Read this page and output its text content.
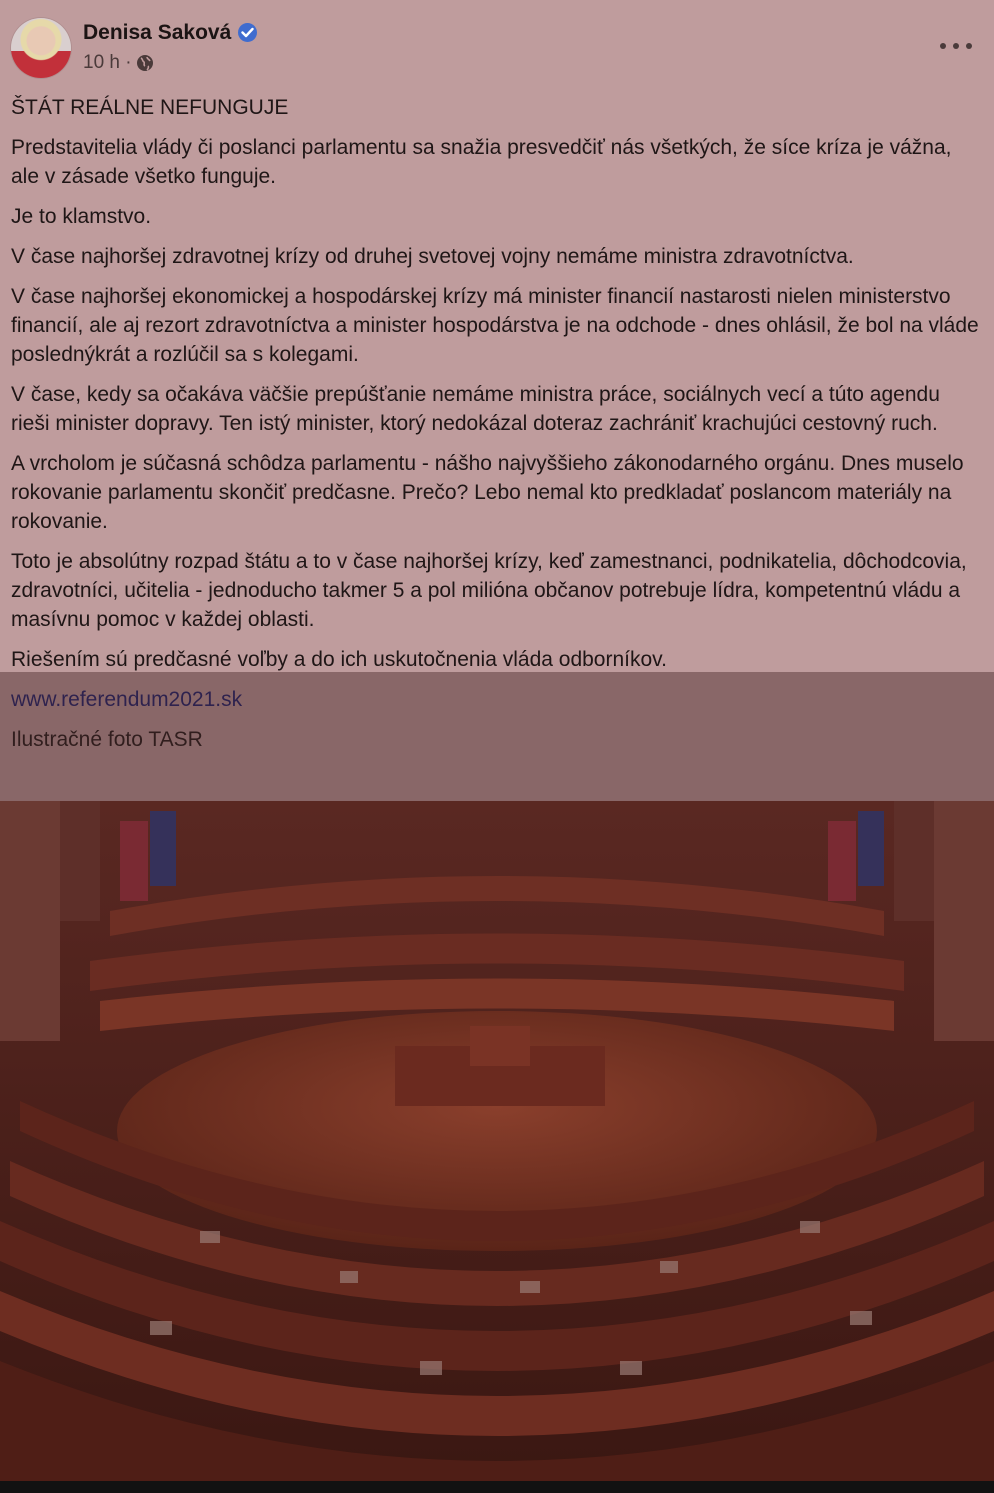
Denisa Saková
10 h ·

ŠTÁT REÁLNE NEFUNGUJE

Predstavitelia vlády či poslanci parlamentu sa snažia presvedčiť nás všetkých, že síce kríza je vážna, ale v zásade všetko funguje.

Je to klamstvo.

V čase najhoršej zdravotnej krízy od druhej svetovej vojny nemáme ministra zdravotníctva.

V čase najhoršej ekonomickej a hospodárskej krízy má minister financií nastarosti nielen ministerstvo financií, ale aj rezort zdravotníctva a minister hospodárstva je na odchode - dnes ohlásil, že bol na vláde poslednýkrát a rozlúčil sa s kolegami.

V čase, kedy sa očakáva väčšie prepúšťanie nemáme ministra práce, sociálnych vecí a túto agendu rieši minister dopravy. Ten istý minister, ktorý nedokázal doteraz zachrániť krachujúci cestovný ruch.

A vrcholom je súčasná schôdza parlamentu - nášho najvyššieho zákonodarného orgánu. Dnes muselo rokovanie parlamentu skončiť predčasne. Prečo? Lebo nemal kto predkladať poslancom materiály na rokovanie.

Toto je absolútny rozpad štátu a to v čase najhoršej krízy, keď zamestnanci, podnikatelia, dôchodcovia, zdravotníci, učitelia - jednoducho takmer 5 a pol milióna občanov potrebuje lídra, kompetentnú vládu a masívnu pomoc v každej oblasti.

Riešením sú predčasné voľby a do ich uskutočnenia vláda odborníkov.

www.referendum2021.sk

Ilustračné foto TASR
